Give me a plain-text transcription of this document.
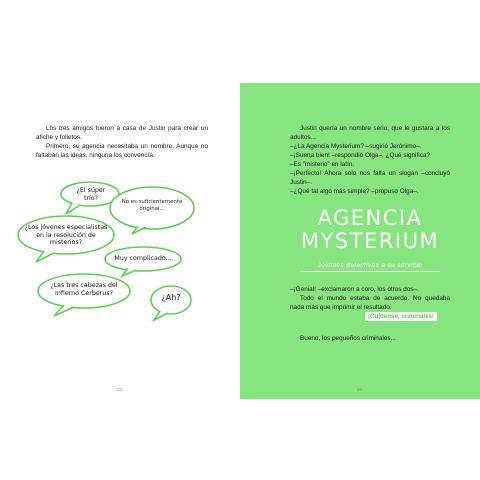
Los tres amigos fueron a casa de Justin para crear un afiche y folletos.

Primero, su agencia necesitaba un nombre. Aunque no faltaban las ideas, ninguna los convencía.

¿El súper trío?
No es suficientemente original...
¿Los jóvenes especialistas en la resolución de misterios?
Muy complicado...
¿Las tres cabezas del Infierno Cerberus?	¿Ah?
23

Justin quería un nombre serio, que le gustara a los adultos...

–¿La Agencia Mysterium? –sugirió Jerónimo–.

–¡Suena bien! –respondió Olga–. ¿Qué significa?

–Es "misterio" en latín.

–¡Perfecto! Ahora solo nos falta un slogan –concluyó Justin–.

–¿Qué tal algo más simple? –propuso Olga–.

AGENCIA
MYSTERIUM
Jóvenes detectives a su servicio

–¡Genial! –exclamaron a coro, los otros dos–.

Todo el mundo estaba de acuerdo. No quedaba nada más que imprimir el resultado.

¡Cuídense, criminales!
Bueno, los pequeños criminales...
24
